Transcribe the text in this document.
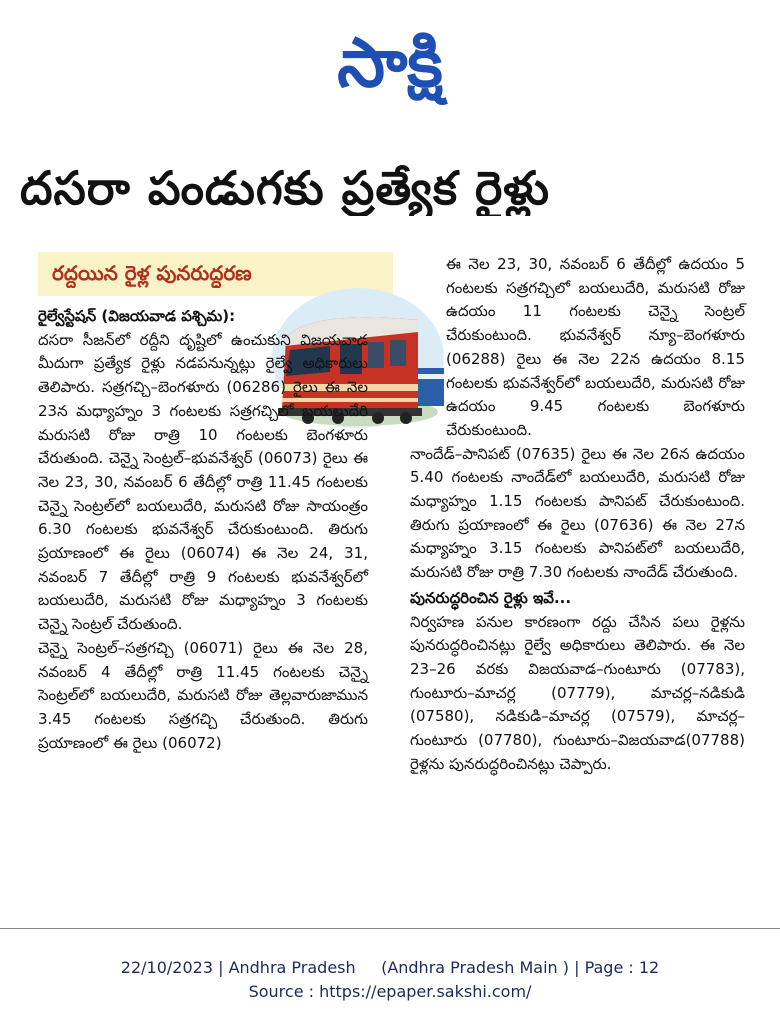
సాక్షి
దసరా పండుగకు ప్రత్యేక రైళ్లు
రద్దయిన రైళ్ల పునరుద్ధరణ

రైల్వేస్టేషన్ (విజయవాడ పశ్చిమ):

దసరా సీజన్‌లో రద్దీని దృష్టిలో ఉంచుకుని విజయవాడ మీదుగా ప్రత్యేక రైళ్లు నడపనున్నట్లు రైల్వే అధికారులు తెలిపారు. సత్రగచ్చి–బెంగళూరు (06286) రైలు ఈ నెల 23న మధ్యాహ్నం 3 గంటలకు సత్రగచ్చిలో బయలుదేరి మరుసటి రోజు రాత్రి 10 గంటలకు బెంగళూరు చేరుతుంది. చెన్నై సెంట్రల్–భువనేశ్వర్ (06073) రైలు ఈ నెల 23, 30, నవంబర్ 6 తేదీల్లో రాత్రి 11.45 గంటలకు చెన్నై సెంట్రల్‌లో బయలుదేరి, మరుసటి రోజు సాయంత్రం 6.30 గంటలకు భువనేశ్వర్ చేరుకుంటుంది. తిరుగు ప్రయాణంలో ఈ రైలు (06074) ఈ నెల 24, 31, నవంబర్ 7 తేదీల్లో రాత్రి 9 గంటలకు భువనేశ్వర్‌లో బయలుదేరి, మరుసటి రోజు మధ్యాహ్నం 3 గంటలకు చెన్నై సెంట్రల్ చేరుతుంది.

చెన్నై సెంట్రల్–సత్రగచ్చి (06071) రైలు ఈ నెల 28, నవంబర్ 4 తేదీల్లో రాత్రి 11.45 గంటలకు చెన్నై సెంట్రల్‌లో బయలుదేరి, మరుసటి రోజు తెల్లవారుజామున 3.45 గంటలకు సత్రగచ్చి చేరుతుంది. తిరుగు ప్రయాణంలో ఈ రైలు (06072)

ఈ నెల 23, 30, నవంబర్ 6 తేదీల్లో ఉదయం 5 గంటలకు సత్రగచ్చిలో బయలుదేరి, మరుసటి రోజు ఉదయం 11 గంటలకు చెన్నై సెంట్రల్ చేరుకుంటుంది. భువనేశ్వర్ న్యూ–బెంగళూరు (06288) రైలు ఈ నెల 22న ఉదయం 8.15 గంటలకు భువనేశ్వర్‌లో బయలుదేరి, మరుసటి రోజు ఉదయం 9.45 గంటలకు బెంగళూరు చేరుకుంటుంది.

నాందేడ్–పానిపట్ (07635) రైలు ఈ నెల 26న ఉదయం 5.40 గంటలకు నాందేడ్‌లో బయలుదేరి, మరుసటి రోజు మధ్యాహ్నం 1.15 గంటలకు పానిపట్ చేరుకుంటుంది. తిరుగు ప్రయాణంలో ఈ రైలు (07636) ఈ నెల 27న మధ్యాహ్నం 3.15 గంటలకు పానిపట్‌లో బయలుదేరి, మరుసటి రోజు రాత్రి 7.30 గంటలకు నాందేడ్ చేరుతుంది.

పునరుద్ధరించిన రైళ్లు ఇవే...

నిర్వహణ పనుల కారణంగా రద్దు చేసిన పలు రైళ్లను పునరుద్ధరించినట్లు రైల్వే అధికారులు తెలిపారు. ఈ నెల 23–26 వరకు విజయవాడ–గుంటూరు (07783), గుంటూరు–మాచర్ల (07779), మాచర్ల–నడికుడి (07580), నడికుడి–మాచర్ల (07579), మాచర్ల–గుంటూరు (07780), గుంటూరు–విజయవాడ(07788) రైళ్లను పునరుద్ధరించినట్లు చెప్పారు.

22/10/2023 | Andhra Pradesh     (Andhra Pradesh Main ) | Page : 12
Source : https://epaper.sakshi.com/
